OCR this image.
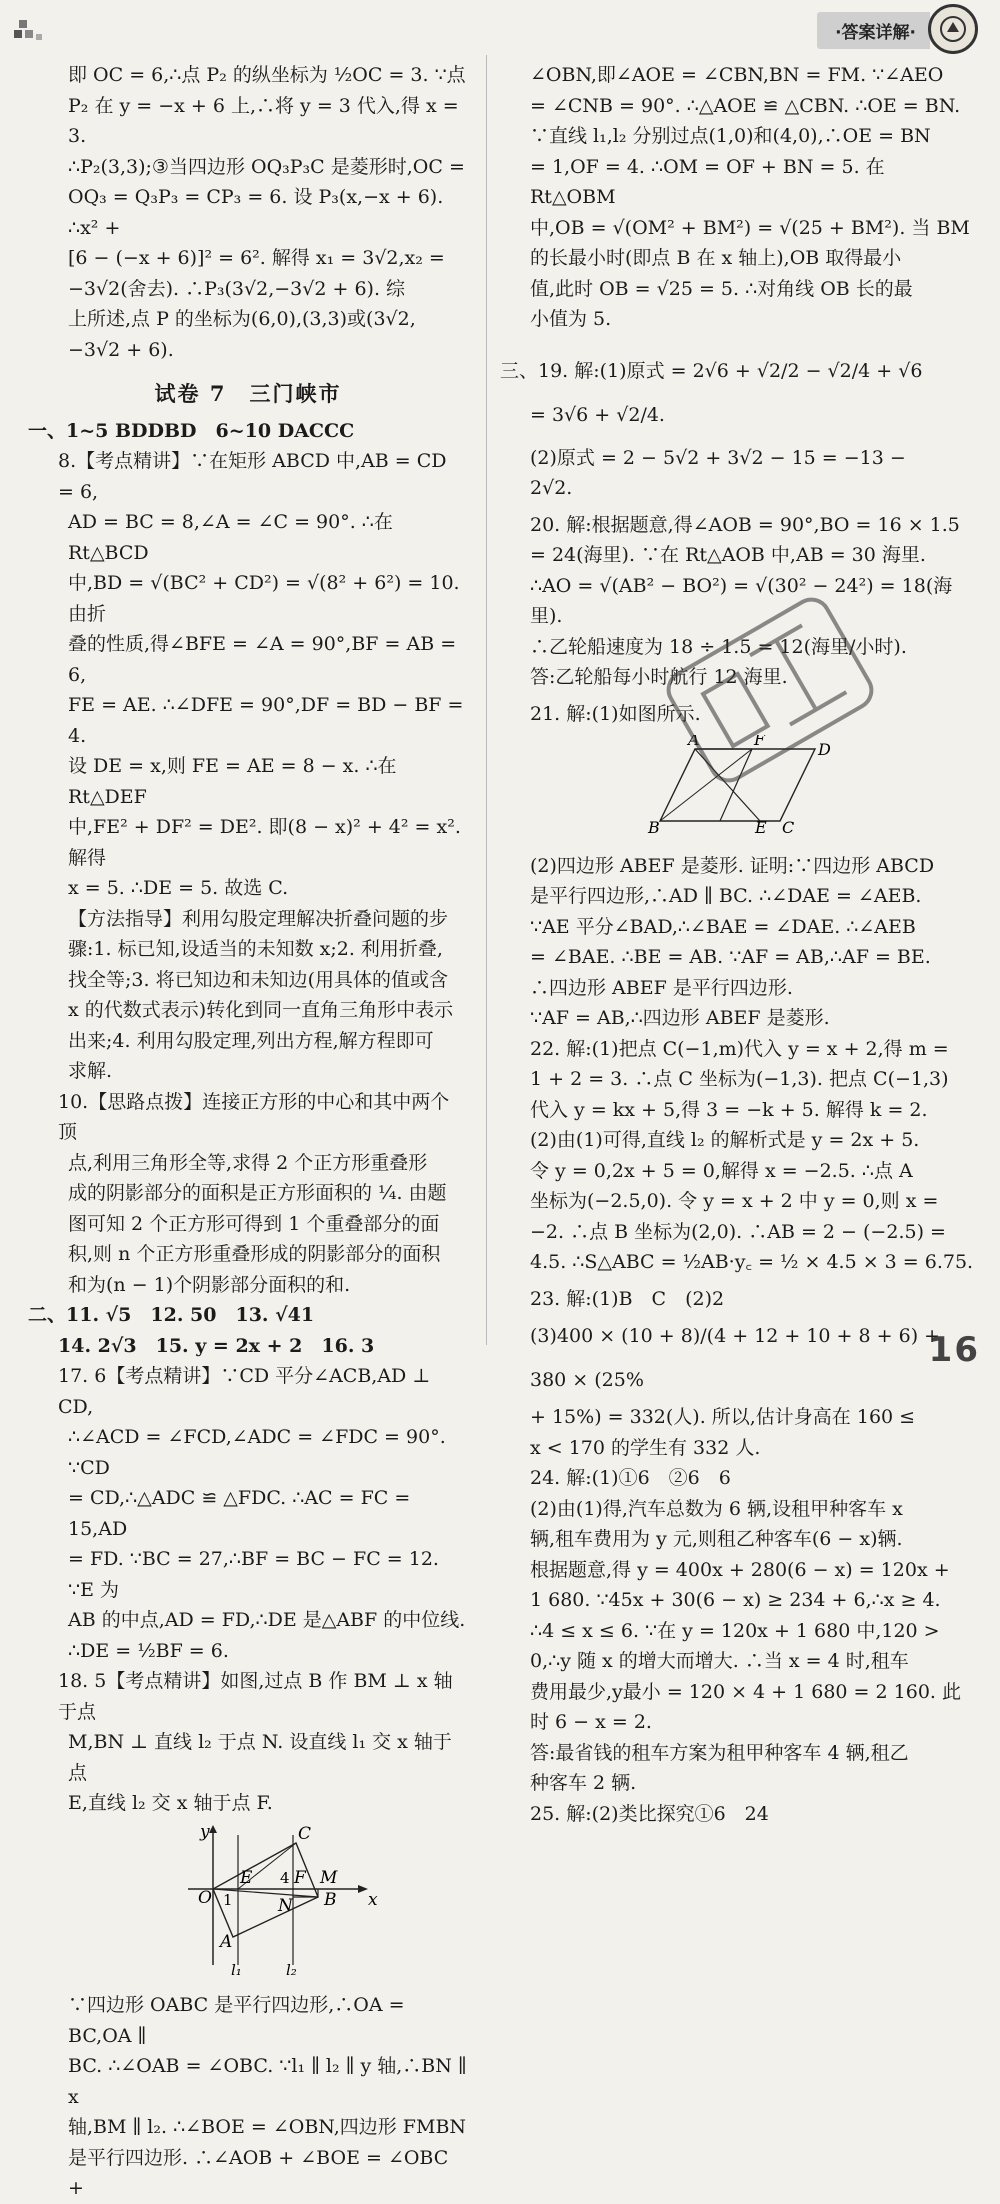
·答案详解·

即 OC = 6,∴点 P₂ 的纵坐标为 ½OC = 3. ∵点

P₂ 在 y = −x + 6 上,∴将 y = 3 代入,得 x = 3.

∴P₂(3,3);③当四边形 OQ₃P₃C 是菱形时,OC =

OQ₃ = Q₃P₃ = CP₃ = 6. 设 P₃(x,−x + 6). ∴x² +

[6 − (−x + 6)]² = 6². 解得 x₁ = 3√2,x₂ =

−3√2(舍去). ∴P₃(3√2,−3√2 + 6). 综

上所述,点 P 的坐标为(6,0),(3,3)或(3√2,

−3√2 + 6).

试卷 7　三门峡市

一、1~5 BDDBD　6~10 DACCC

8.【考点精讲】∵在矩形 ABCD 中,AB = CD = 6,

AD = BC = 8,∠A = ∠C = 90°. ∴在 Rt△BCD

中,BD = √(BC² + CD²) = √(8² + 6²) = 10. 由折

叠的性质,得∠BFE = ∠A = 90°,BF = AB = 6,

FE = AE. ∴∠DFE = 90°,DF = BD − BF = 4.

设 DE = x,则 FE = AE = 8 − x. ∴在 Rt△DEF

中,FE² + DF² = DE². 即(8 − x)² + 4² = x². 解得

x = 5. ∴DE = 5. 故选 C.

【方法指导】利用勾股定理解决折叠问题的步

骤:1. 标已知,设适当的未知数 x;2. 利用折叠,

找全等;3. 将已知边和未知边(用具体的值或含

x 的代数式表示)转化到同一直角三角形中表示

出来;4. 利用勾股定理,列出方程,解方程即可

求解.

10.【思路点拨】连接正方形的中心和其中两个顶

点,利用三角形全等,求得 2 个正方形重叠形

成的阴影部分的面积是正方形面积的 ¼. 由题

图可知 2 个正方形可得到 1 个重叠部分的面

积,则 n 个正方形重叠形成的阴影部分的面积

和为(n − 1)个阴影部分面积的和.

二、11. √5　12. 50　13. √41

14. 2√3　15. y = 2x + 2　16. 3

17. 6【考点精讲】∵CD 平分∠ACB,AD ⊥ CD,

∴∠ACD = ∠FCD,∠ADC = ∠FDC = 90°. ∵CD

= CD,∴△ADC ≌ △FDC. ∴AC = FC = 15,AD

= FD. ∵BC = 27,∴BF = BC − FC = 12. ∵E 为

AB 的中点,AD = FD,∴DE 是△ABF 的中位线.

∴DE = ½BF = 6.

18. 5【考点精讲】如图,过点 B 作 BM ⊥ x 轴于点

M,BN ⊥ 直线 l₂ 于点 N. 设直线 l₁ 交 x 轴于点

E,直线 l₂ 交 x 轴于点 F.

y
x
O
C
E 4 F M
1	N B
A
l₁	l₂

∵四边形 OABC 是平行四边形,∴OA = BC,OA ∥

BC. ∴∠OAB = ∠OBC. ∵l₁ ∥ l₂ ∥ y 轴,∴BN ∥ x

轴,BM ∥ l₂. ∴∠BOE = ∠OBN,四边形 FMBN

是平行四边形. ∴∠AOB + ∠BOE = ∠OBC +

∠OBN,即∠AOE = ∠CBN,BN = FM. ∵∠AEO

= ∠CNB = 90°. ∴△AOE ≌ △CBN. ∴OE = BN.

∵直线 l₁,l₂ 分别过点(1,0)和(4,0),∴OE = BN

= 1,OF = 4. ∴OM = OF + BN = 5. 在 Rt△OBM

中,OB = √(OM² + BM²) = √(25 + BM²). 当 BM

的长最小时(即点 B 在 x 轴上),OB 取得最小

值,此时 OB = √25 = 5. ∴对角线 OB 长的最

小值为 5.

三、19. 解:(1)原式 = 2√6 + √2/2 − √2/4 + √6

= 3√6 + √2/4.

(2)原式 = 2 − 5√2 + 3√2 − 15 = −13 −

2√2.

20. 解:根据题意,得∠AOB = 90°,BO = 16 × 1.5

= 24(海里). ∵在 Rt△AOB 中,AB = 30 海里.

∴AO = √(AB² − BO²) = √(30² − 24²) = 18(海里).

∴乙轮船速度为 18 ÷ 1.5 = 12(海里/小时).

答:乙轮船每小时航行 12 海里.

21. 解:(1)如图所示.

A	F
D
B	E C

(2)四边形 ABEF 是菱形. 证明:∵四边形 ABCD

是平行四边形,∴AD ∥ BC. ∴∠DAE = ∠AEB.

∵AE 平分∠BAD,∴∠BAE = ∠DAE. ∴∠AEB

= ∠BAE. ∴BE = AB. ∵AF = AB,∴AF = BE.

∴四边形 ABEF 是平行四边形.

∵AF = AB,∴四边形 ABEF 是菱形.

22. 解:(1)把点 C(−1,m)代入 y = x + 2,得 m =

1 + 2 = 3. ∴点 C 坐标为(−1,3). 把点 C(−1,3)

代入 y = kx + 5,得 3 = −k + 5. 解得 k = 2.

(2)由(1)可得,直线 l₂ 的解析式是 y = 2x + 5.

令 y = 0,2x + 5 = 0,解得 x = −2.5. ∴点 A

坐标为(−2.5,0). 令 y = x + 2 中 y = 0,则 x =

−2. ∴点 B 坐标为(2,0). ∴AB = 2 − (−2.5) =

4.5. ∴S△ABC = ½AB·y꜀ = ½ × 4.5 × 3 = 6.75.

23. 解:(1)B　C　(2)2

(3)400 × (10 + 8)/(4 + 12 + 10 + 8 + 6) + 380 × (25%

+ 15%) = 332(人). 所以,估计身高在 160 ≤

x < 170 的学生有 332 人.

24. 解:(1)①6　②6　6

(2)由(1)得,汽车总数为 6 辆,设租甲种客车 x

辆,租车费用为 y 元,则租乙种客车(6 − x)辆.

根据题意,得 y = 400x + 280(6 − x) = 120x +

1 680. ∵45x + 30(6 − x) ≥ 234 + 6,∴x ≥ 4.

∴4 ≤ x ≤ 6. ∵在 y = 120x + 1 680 中,120 >

0,∴y 随 x 的增大而增大. ∴当 x = 4 时,租车

费用最少,y最小 = 120 × 4 + 1 680 = 2 160. 此

时 6 − x = 2.

答:最省钱的租车方案为租甲种客车 4 辆,租乙

种客车 2 辆.

25. 解:(2)类比探究①6　24

16
